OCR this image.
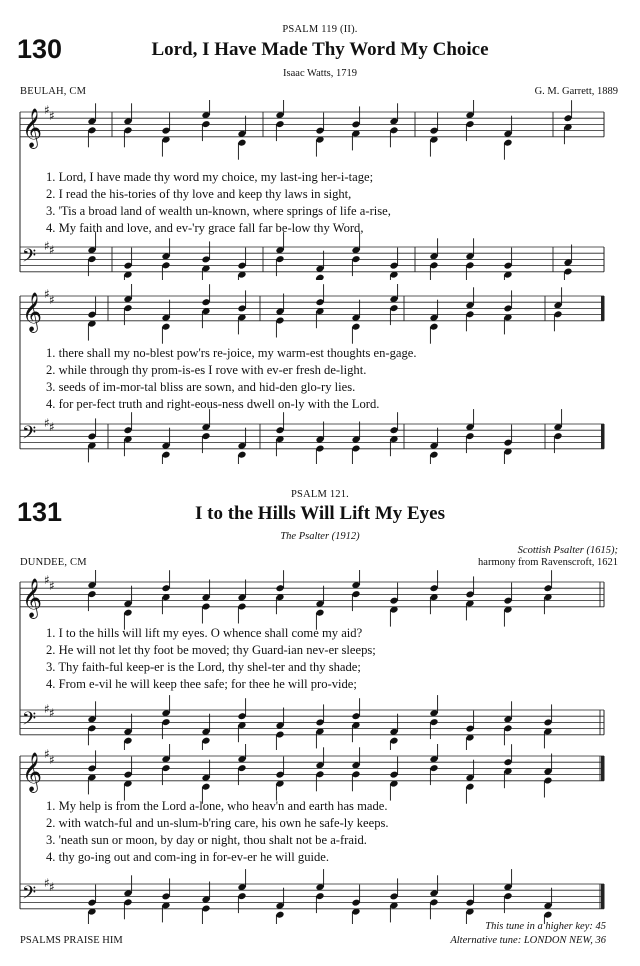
130
PSALM 119 (II).
Lord, I Have Made Thy Word My Choice
Isaac Watts, 1719
BEULAH, CM	G. M. Garrett, 1889
𝄞 ♯ ♯
𝄢 ♯ ♯
1. Lord, I have made thy word my choice, my last-ing her-i-tage;
2. I read the his-tories of thy love and keep thy laws in sight,
3. 'Tis a broad land of wealth un-known, where springs of life a-rise,
4. My faith and love, and ev-'ry grace fall far be-low thy Word,
𝄞 ♯ ♯
𝄢 ♯ ♯
1. there shall my no-blest pow'rs re-joice, my warm-est thoughts en-gage.
2. while through thy prom-is-es I rove with ev-er fresh de-light.
3. seeds of im-mor-tal bliss are sown, and hid-den glo-ry lies.
4. for per-fect truth and right-eous-ness dwell on-ly with the Lord.
131
PSALM 121.
I to the Hills Will Lift My Eyes
The Psalter (1912)
DUNDEE, CM
Scottish Psalter (1615);
harmony from Ravenscroft, 1621
𝄞 ♯ ♯
𝄢 ♯ ♯
1. I to the hills will lift my eyes. O whence shall come my aid?
2. He will not let thy foot be moved; thy Guard-ian nev-er sleeps;
3. Thy faith-ful keep-er is the Lord, thy shel-ter and thy shade;
4. From e-vil he will keep thee safe; for thee he will pro-vide;
𝄞 ♯ ♯
𝄢 ♯ ♯
1. My help is from the Lord a-lone, who heav'n and earth has made.
2. with watch-ful and un-slum-b'ring care, his own he safe-ly keeps.
3. 'neath sun or moon, by day or night, thou shalt not be a-fraid.
4. thy go-ing out and com-ing in for-ev-er he will guide.
This tune in a higher key: 45
PSALMS PRAISE HIM	Alternative tune: LONDON NEW, 36
